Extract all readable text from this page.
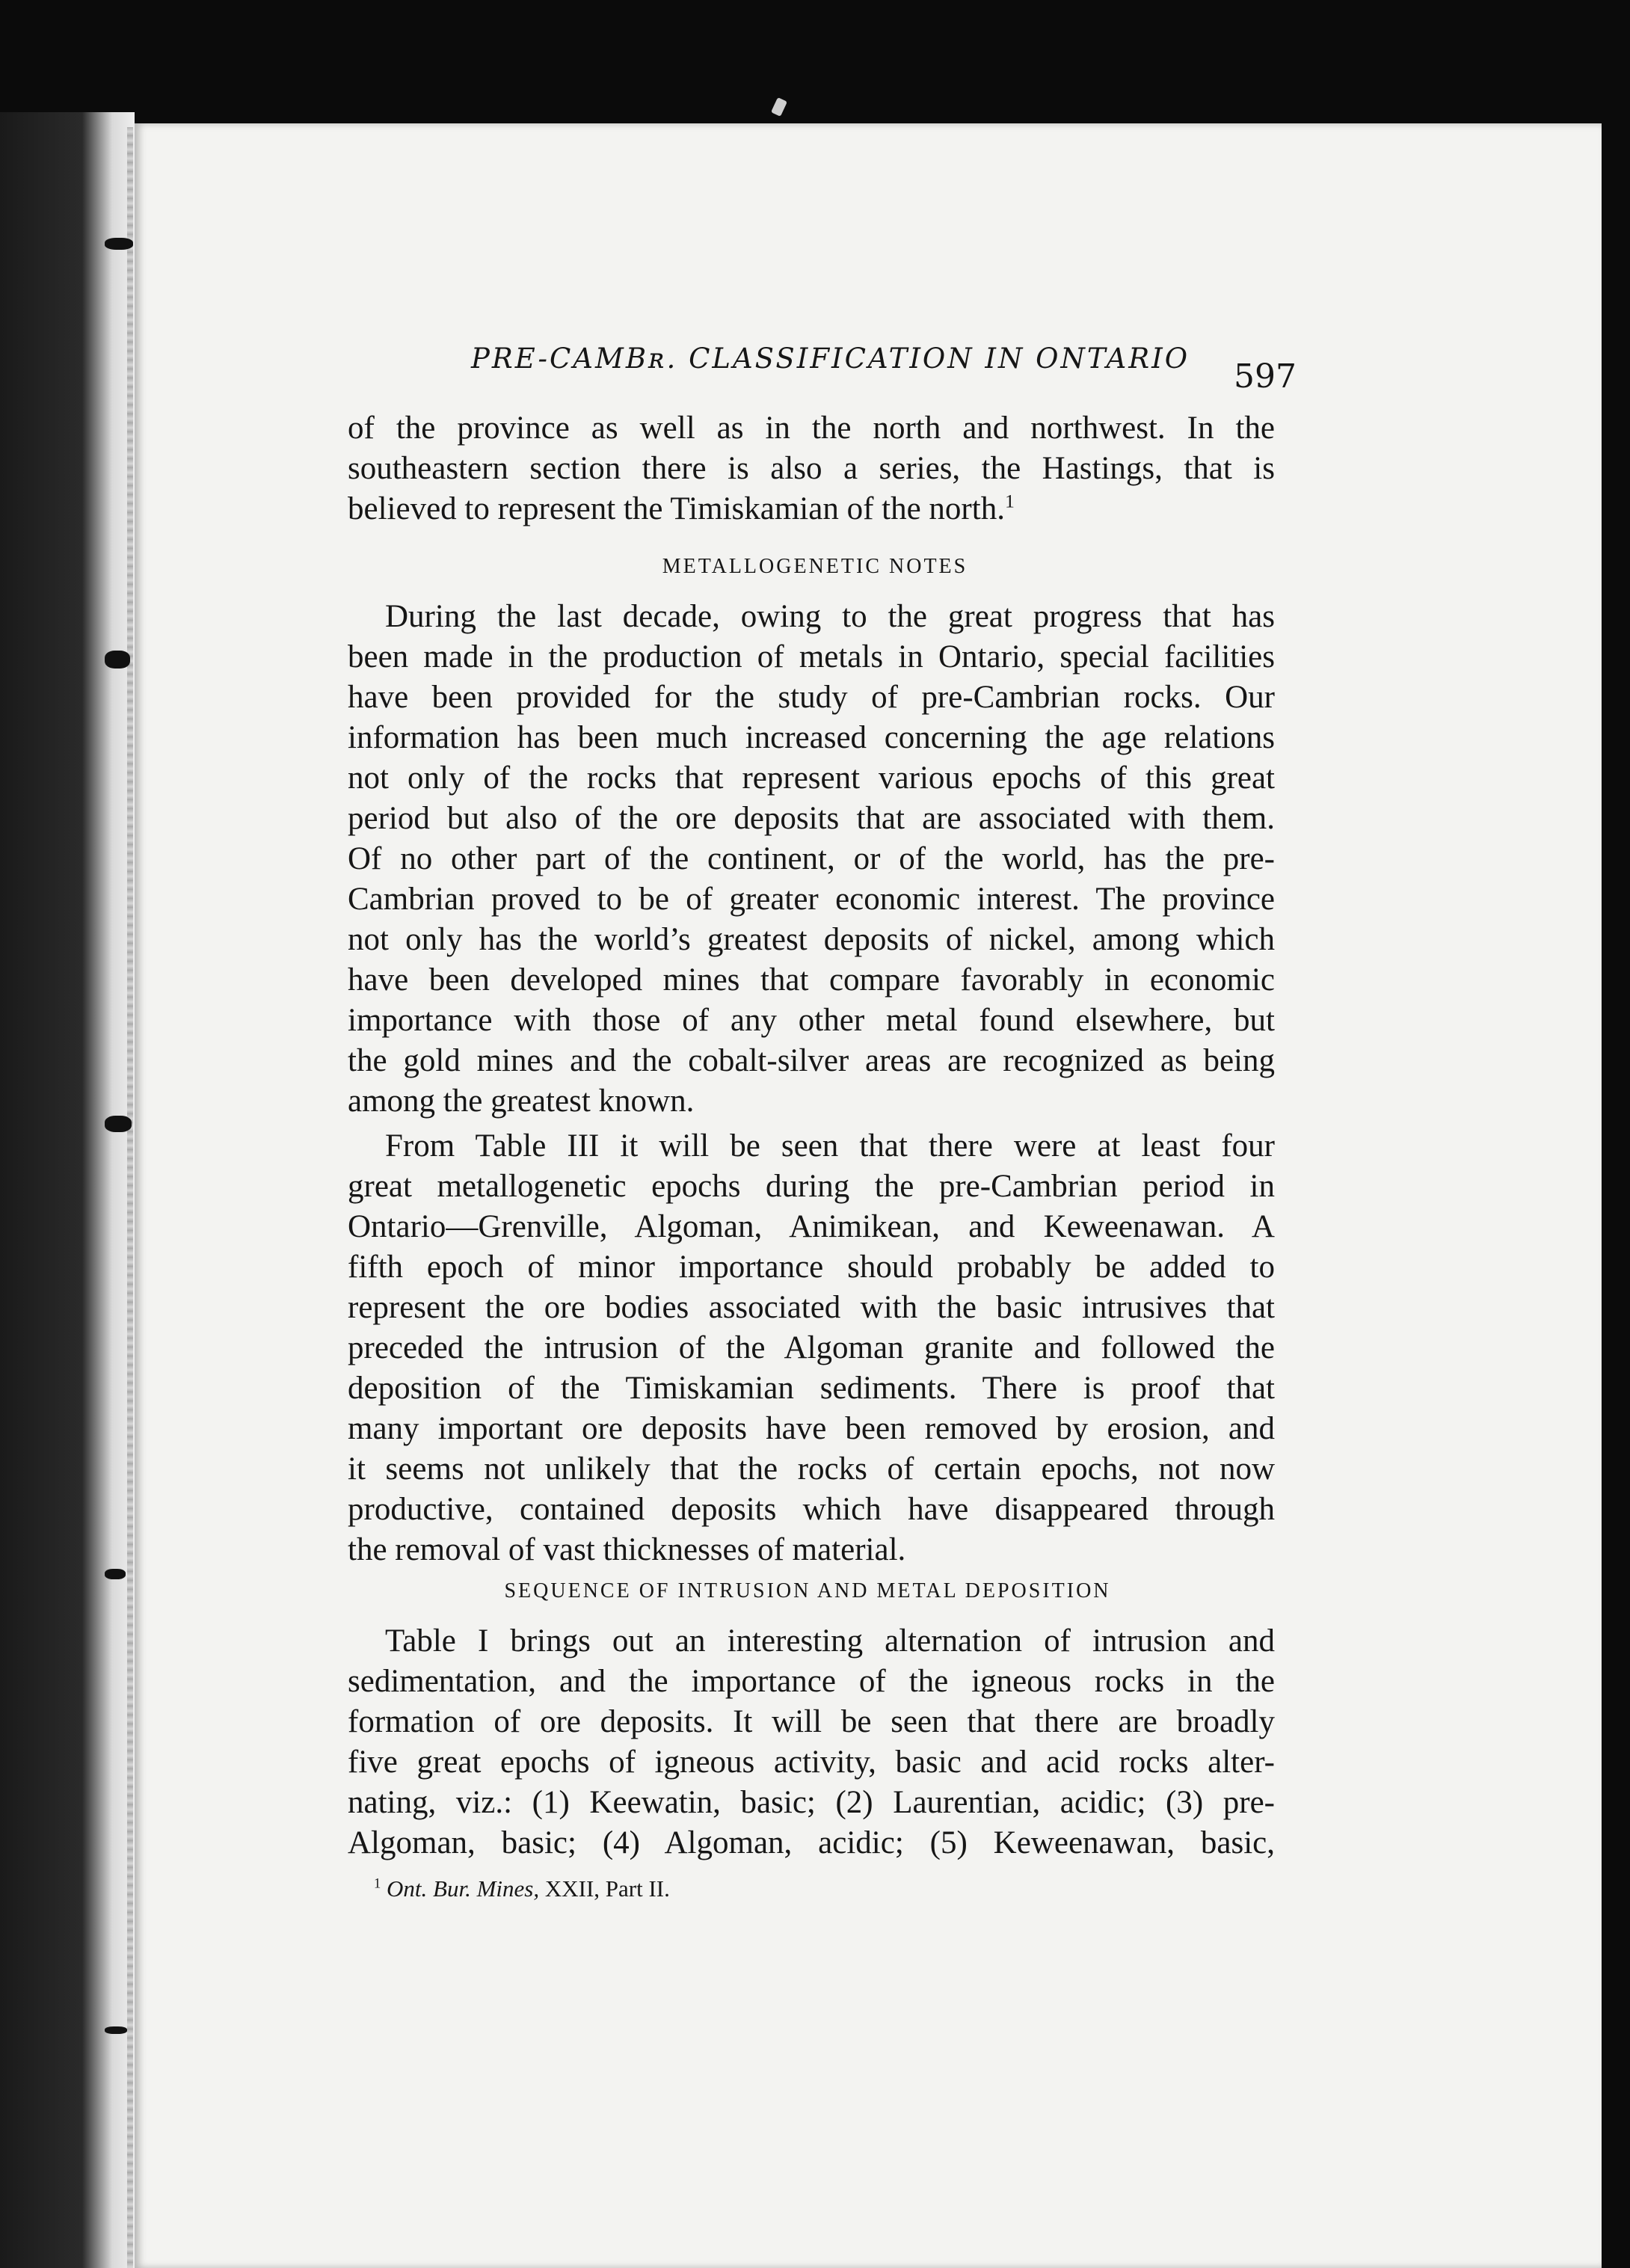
PRE-CAMBʀ. CLASSIFICATION IN ONTARIO 597
of the province as well as in the north and northwest. In the
southeastern section there is also a series, the Hastings, that is
believed to represent the Timiskamian of the north.$^1$
METALLOGENETIC NOTES
During the last decade, owing to the great progress that has
been made in the production of metals in Ontario, special facilities
have been provided for the study of pre-Cambrian rocks. Our
information has been much increased concerning the age relations
not only of the rocks that represent various epochs of this great
period but also of the ore deposits that are associated with them.
Of no other part of the continent, or of the world, has the pre-
Cambrian proved to be of greater economic interest. The province
not only has the world’s greatest deposits of nickel, among which
have been developed mines that compare favorably in economic
importance with those of any other metal found elsewhere, but
the gold mines and the cobalt-silver areas are recognized as being
among the greatest known.
From Table III it will be seen that there were at least four
great metallogenetic epochs during the pre-Cambrian period in
Ontario—Grenville, Algoman, Animikean, and Keweenawan. A
fifth epoch of minor importance should probably be added to
represent the ore bodies associated with the basic intrusives that
preceded the intrusion of the Algoman granite and followed the
deposition of the Timiskamian sediments. There is proof that
many important ore deposits have been removed by erosion, and
it seems not unlikely that the rocks of certain epochs, not now
productive, contained deposits which have disappeared through
the removal of vast thicknesses of material.
SEQUENCE OF INTRUSION AND METAL DEPOSITION
Table I brings out an interesting alternation of intrusion and
sedimentation, and the importance of the igneous rocks in the
formation of ore deposits. It will be seen that there are broadly
five great epochs of igneous activity, basic and acid rocks alter-
nating, viz.: (1) Keewatin, basic; (2) Laurentian, acidic; (3) pre-
Algoman, basic; (4) Algoman, acidic; (5) Keweenawan, basic,
$^1$ Ont. Bur. Mines, XXII, Part II.
